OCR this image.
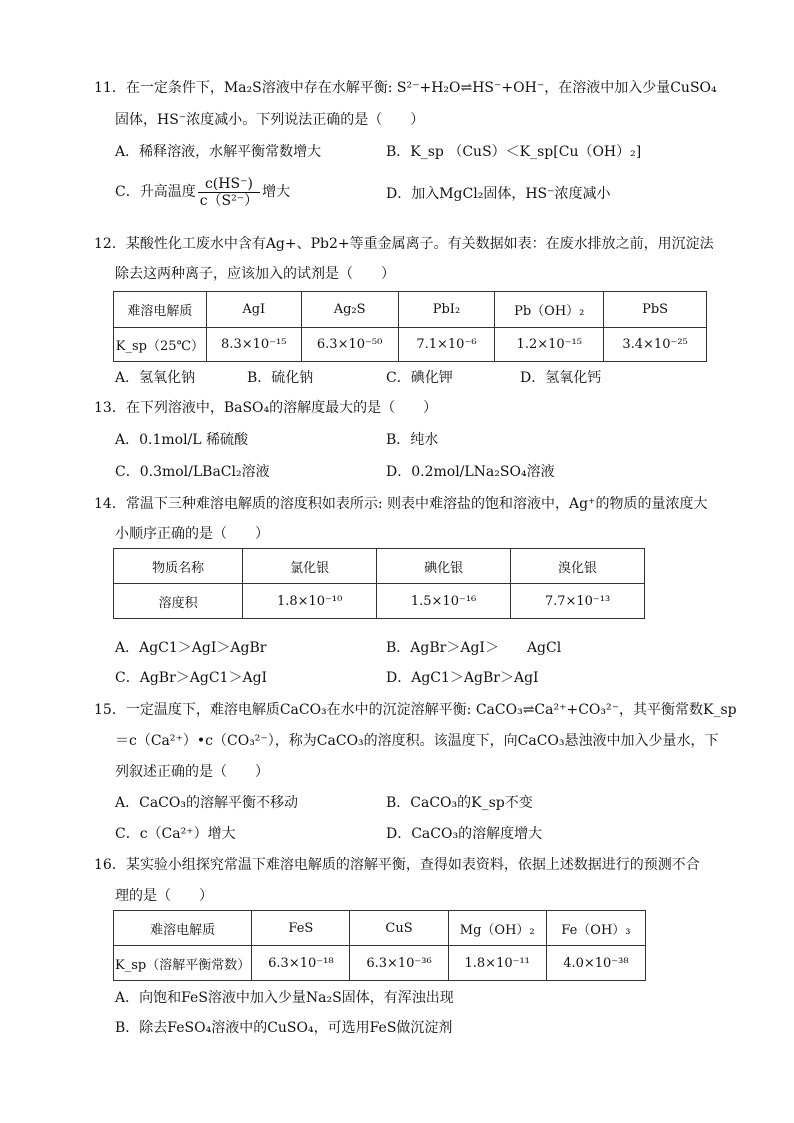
11．在一定条件下，Ma₂S溶液中存在水解平衡: S²⁻+H₂O⇌HS⁻+OH⁻，在溶液中加入少量CuSO₄
固体，HS⁻浓度减小。下列说法正确的是（　　）
A．稀释溶液，水解平衡常数增大	B．K_sp （CuS）＜K_sp[Cu（OH）₂]
C．升高温度 $\frac{c(HS^-)}{\text{c（S²⁻）}}$ 增大	D．加入MgCl₂固体，HS⁻浓度减小
12．某酸性化工废水中含有Ag+、Pb2+等重金属离子。有关数据如表：在废水排放之前，用沉淀法
除去这两种离子，应该加入的试剂是（　　）
难溶电解质	AgI	Ag₂S	PbI₂	Pb（OH）₂	PbS
K_sp（25℃）	8.3×10⁻¹⁵	6.3×10⁻⁵⁰	7.1×10⁻⁶	1.2×10⁻¹⁵	3.4×10⁻²⁵
A．氢氧化钠	B．硫化钠	C．碘化钾	D．氢氧化钙
13．在下列溶液中，BaSO₄的溶解度最大的是（　　）
A．0.1mol/L 稀硫酸	B．纯水
C．0.3mol/LBaCl₂溶液	D．0.2mol/LNa₂SO₄溶液
14．常温下三种难溶电解质的溶度积如表所示: 则表中难溶盐的饱和溶液中，Ag⁺的物质的量浓度大
小顺序正确的是（　　）
物质名称	氯化银	碘化银	溴化银
溶度积	1.8×10⁻¹⁰	1.5×10⁻¹⁶	7.7×10⁻¹³
A．AgC1＞AgI＞AgBr	B．AgBr＞AgI＞　　AgCl
C．AgBr＞AgC1＞AgI	D．AgC1＞AgBr＞AgI
15．一定温度下，难溶电解质CaCO₃在水中的沉淀溶解平衡: CaCO₃⇌Ca²⁺+CO₃²⁻，其平衡常数K_sp
＝c（Ca²⁺）•c（CO₃²⁻），称为CaCO₃的溶度积。该温度下，向CaCO₃悬浊液中加入少量水，下
列叙述正确的是（　　）
A．CaCO₃的溶解平衡不移动	B．CaCO₃的K_sp不变
C．c（Ca²⁺）增大	D．CaCO₃的溶解度增大
16．某实验小组探究常温下难溶电解质的溶解平衡，查得如表资料，依据上述数据进行的预测不合
理的是（　　）
难溶电解质	FeS	CuS	Mg（OH）₂	Fe（OH）₃
K_sp（溶解平衡常数）	6.3×10⁻¹⁸	6.3×10⁻³⁶	1.8×10⁻¹¹	4.0×10⁻³⁸
A．向饱和FeS溶液中加入少量Na₂S固体，有浑浊出现
B．除去FeSO₄溶液中的CuSO₄，可选用FeS做沉淀剂
